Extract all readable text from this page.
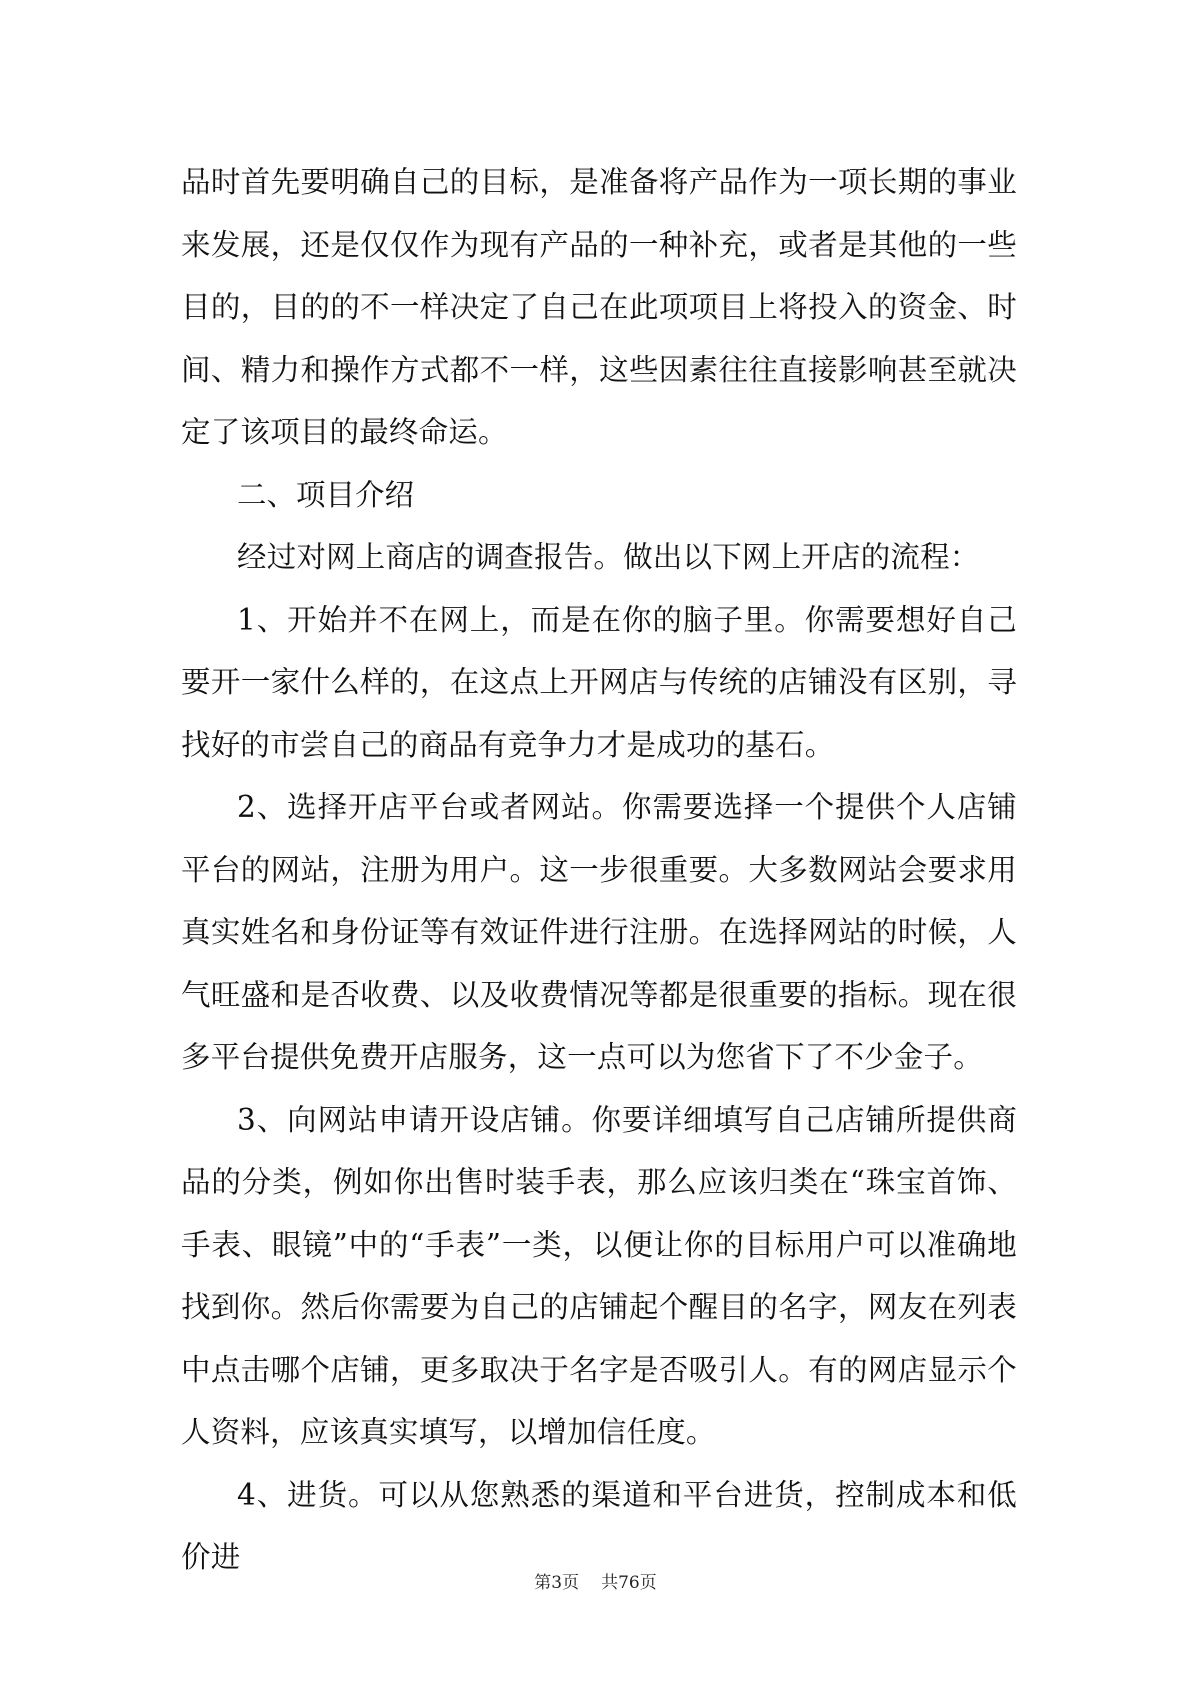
品时首先要明确自己的目标，是准备将产品作为一项长期的事业来发展，还是仅仅作为现有产品的一种补充，或者是其他的一些目的，目的的不一样决定了自己在此项项目上将投入的资金、时间、精力和操作方式都不一样，这些因素往往直接影响甚至就决定了该项目的最终命运。

二、项目介绍

经过对网上商店的调查报告。做出以下网上开店的流程：

1、开始并不在网上，而是在你的脑子里。你需要想好自己要开一家什么样的，在这点上开网店与传统的店铺没有区别，寻找好的市尝自己的商品有竞争力才是成功的基石。

2、选择开店平台或者网站。你需要选择一个提供个人店铺平台的网站，注册为用户。这一步很重要。大多数网站会要求用真实姓名和身份证等有效证件进行注册。在选择网站的时候，人气旺盛和是否收费、以及收费情况等都是很重要的指标。现在很多平台提供免费开店服务，这一点可以为您省下了不少金子。

3、向网站申请开设店铺。你要详细填写自己店铺所提供商品的分类，例如你出售时装手表，那么应该归类在“珠宝首饰、手表、眼镜”中的“手表”一类，以便让你的目标用户可以准确地找到你。然后你需要为自己的店铺起个醒目的名字，网友在列表中点击哪个店铺，更多取决于名字是否吸引人。有的网店显示个人资料，应该真实填写，以增加信任度。

4、进货。可以从您熟悉的渠道和平台进货，控制成本和低价进

第3页 共76页
